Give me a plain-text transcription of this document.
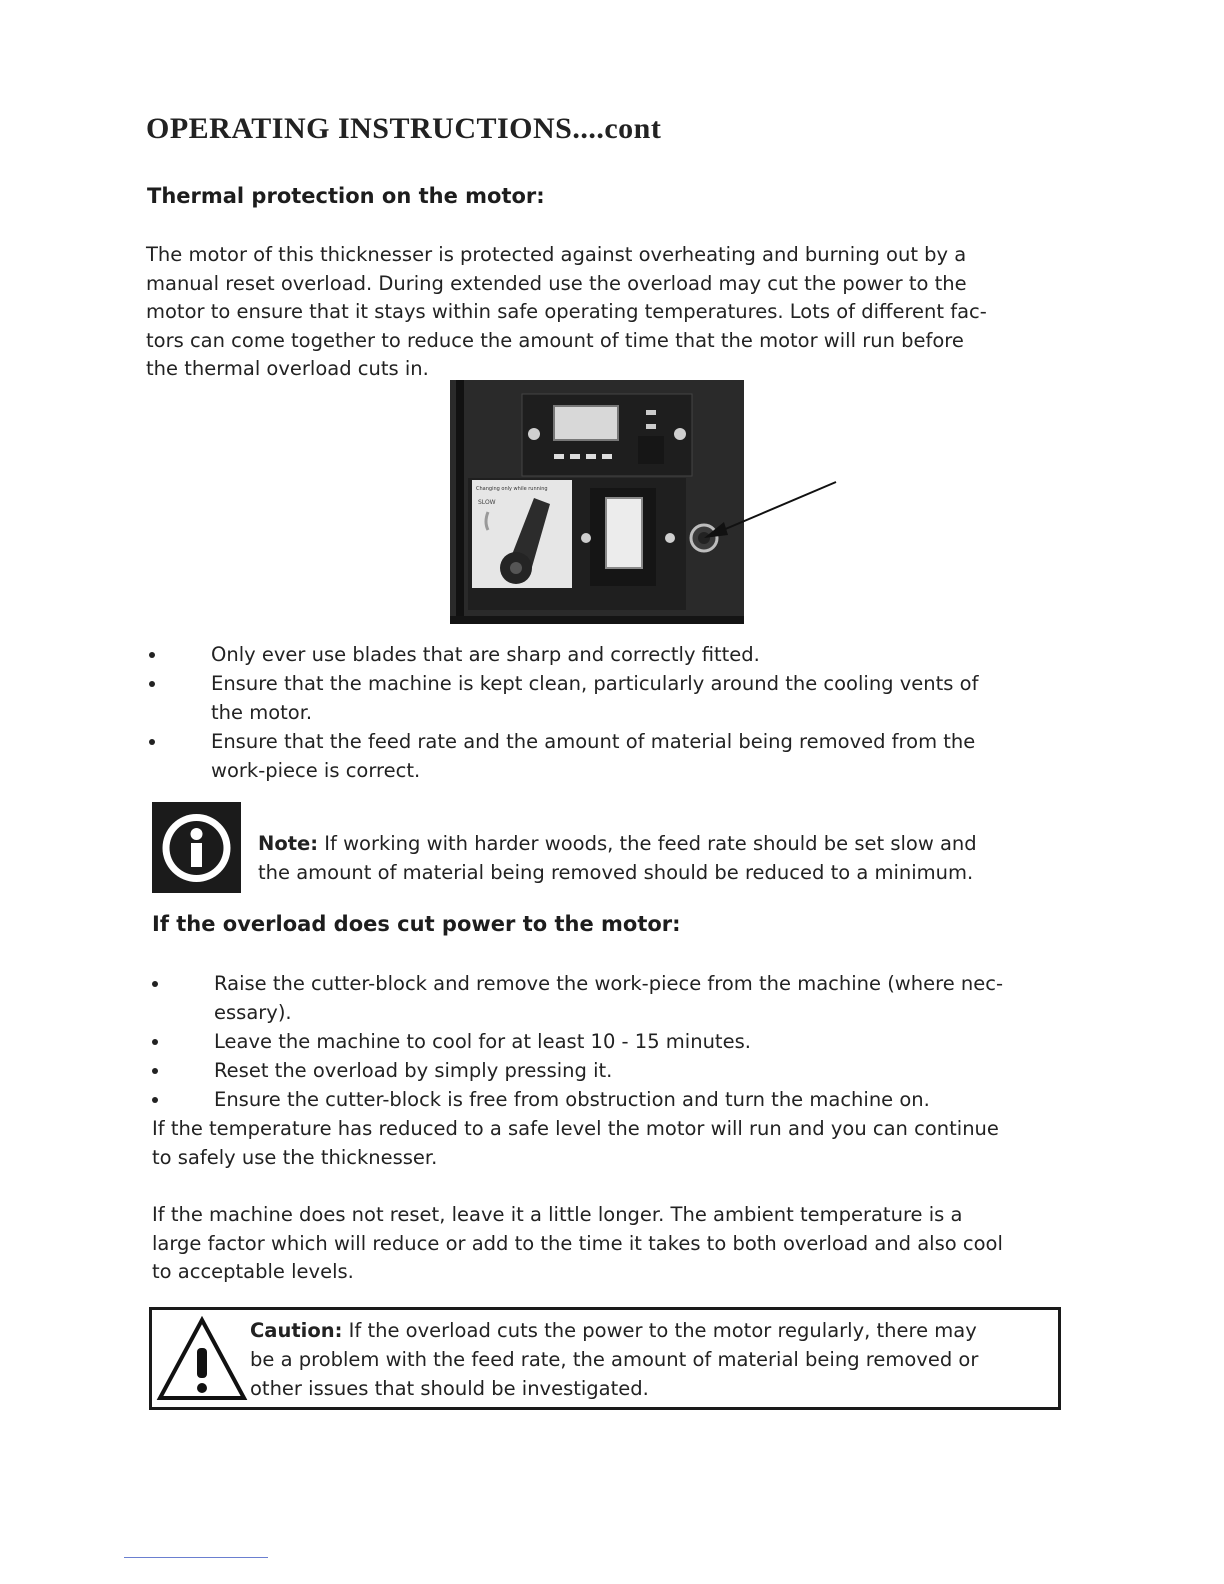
OPERATING INSTRUCTIONS....cont
Thermal protection on the motor:
The motor of this thicknesser is protected against overheating and burning out by a
manual reset overload. During extended use the overload may cut the power to the
motor to ensure that it stays within safe operating temperatures. Lots of different fac-
tors can come together to reduce the amount of time that the motor will run before
the thermal overload cuts in.
Changing only while running
SLOW
Only ever use blades that are sharp and correctly fitted.
Ensure that the machine is kept clean, particularly around the cooling vents of
the motor.
Ensure that the feed rate and the amount of material being removed from the
work-piece is correct.
Note: If working with harder woods, the feed rate should be set slow and
the amount of material being removed should be reduced to a minimum.
If the overload does cut power to the motor:
Raise the cutter-block and remove the work-piece from the machine (where nec-
essary).
Leave the machine to cool for at least 10 - 15 minutes.
Reset the overload by simply pressing it.
Ensure the cutter-block is free from obstruction and turn the machine on.
If the temperature has reduced to a safe level the motor will run and you can continue
to safely use the thicknesser.
If the machine does not reset, leave it a little longer. The ambient temperature is a
large factor which will reduce or add to the time it takes to both overload and also cool
to acceptable levels.
Caution: If the overload cuts the power to the motor regularly, there may
be a problem with the feed rate, the amount of material being removed or
other issues that should be investigated.
